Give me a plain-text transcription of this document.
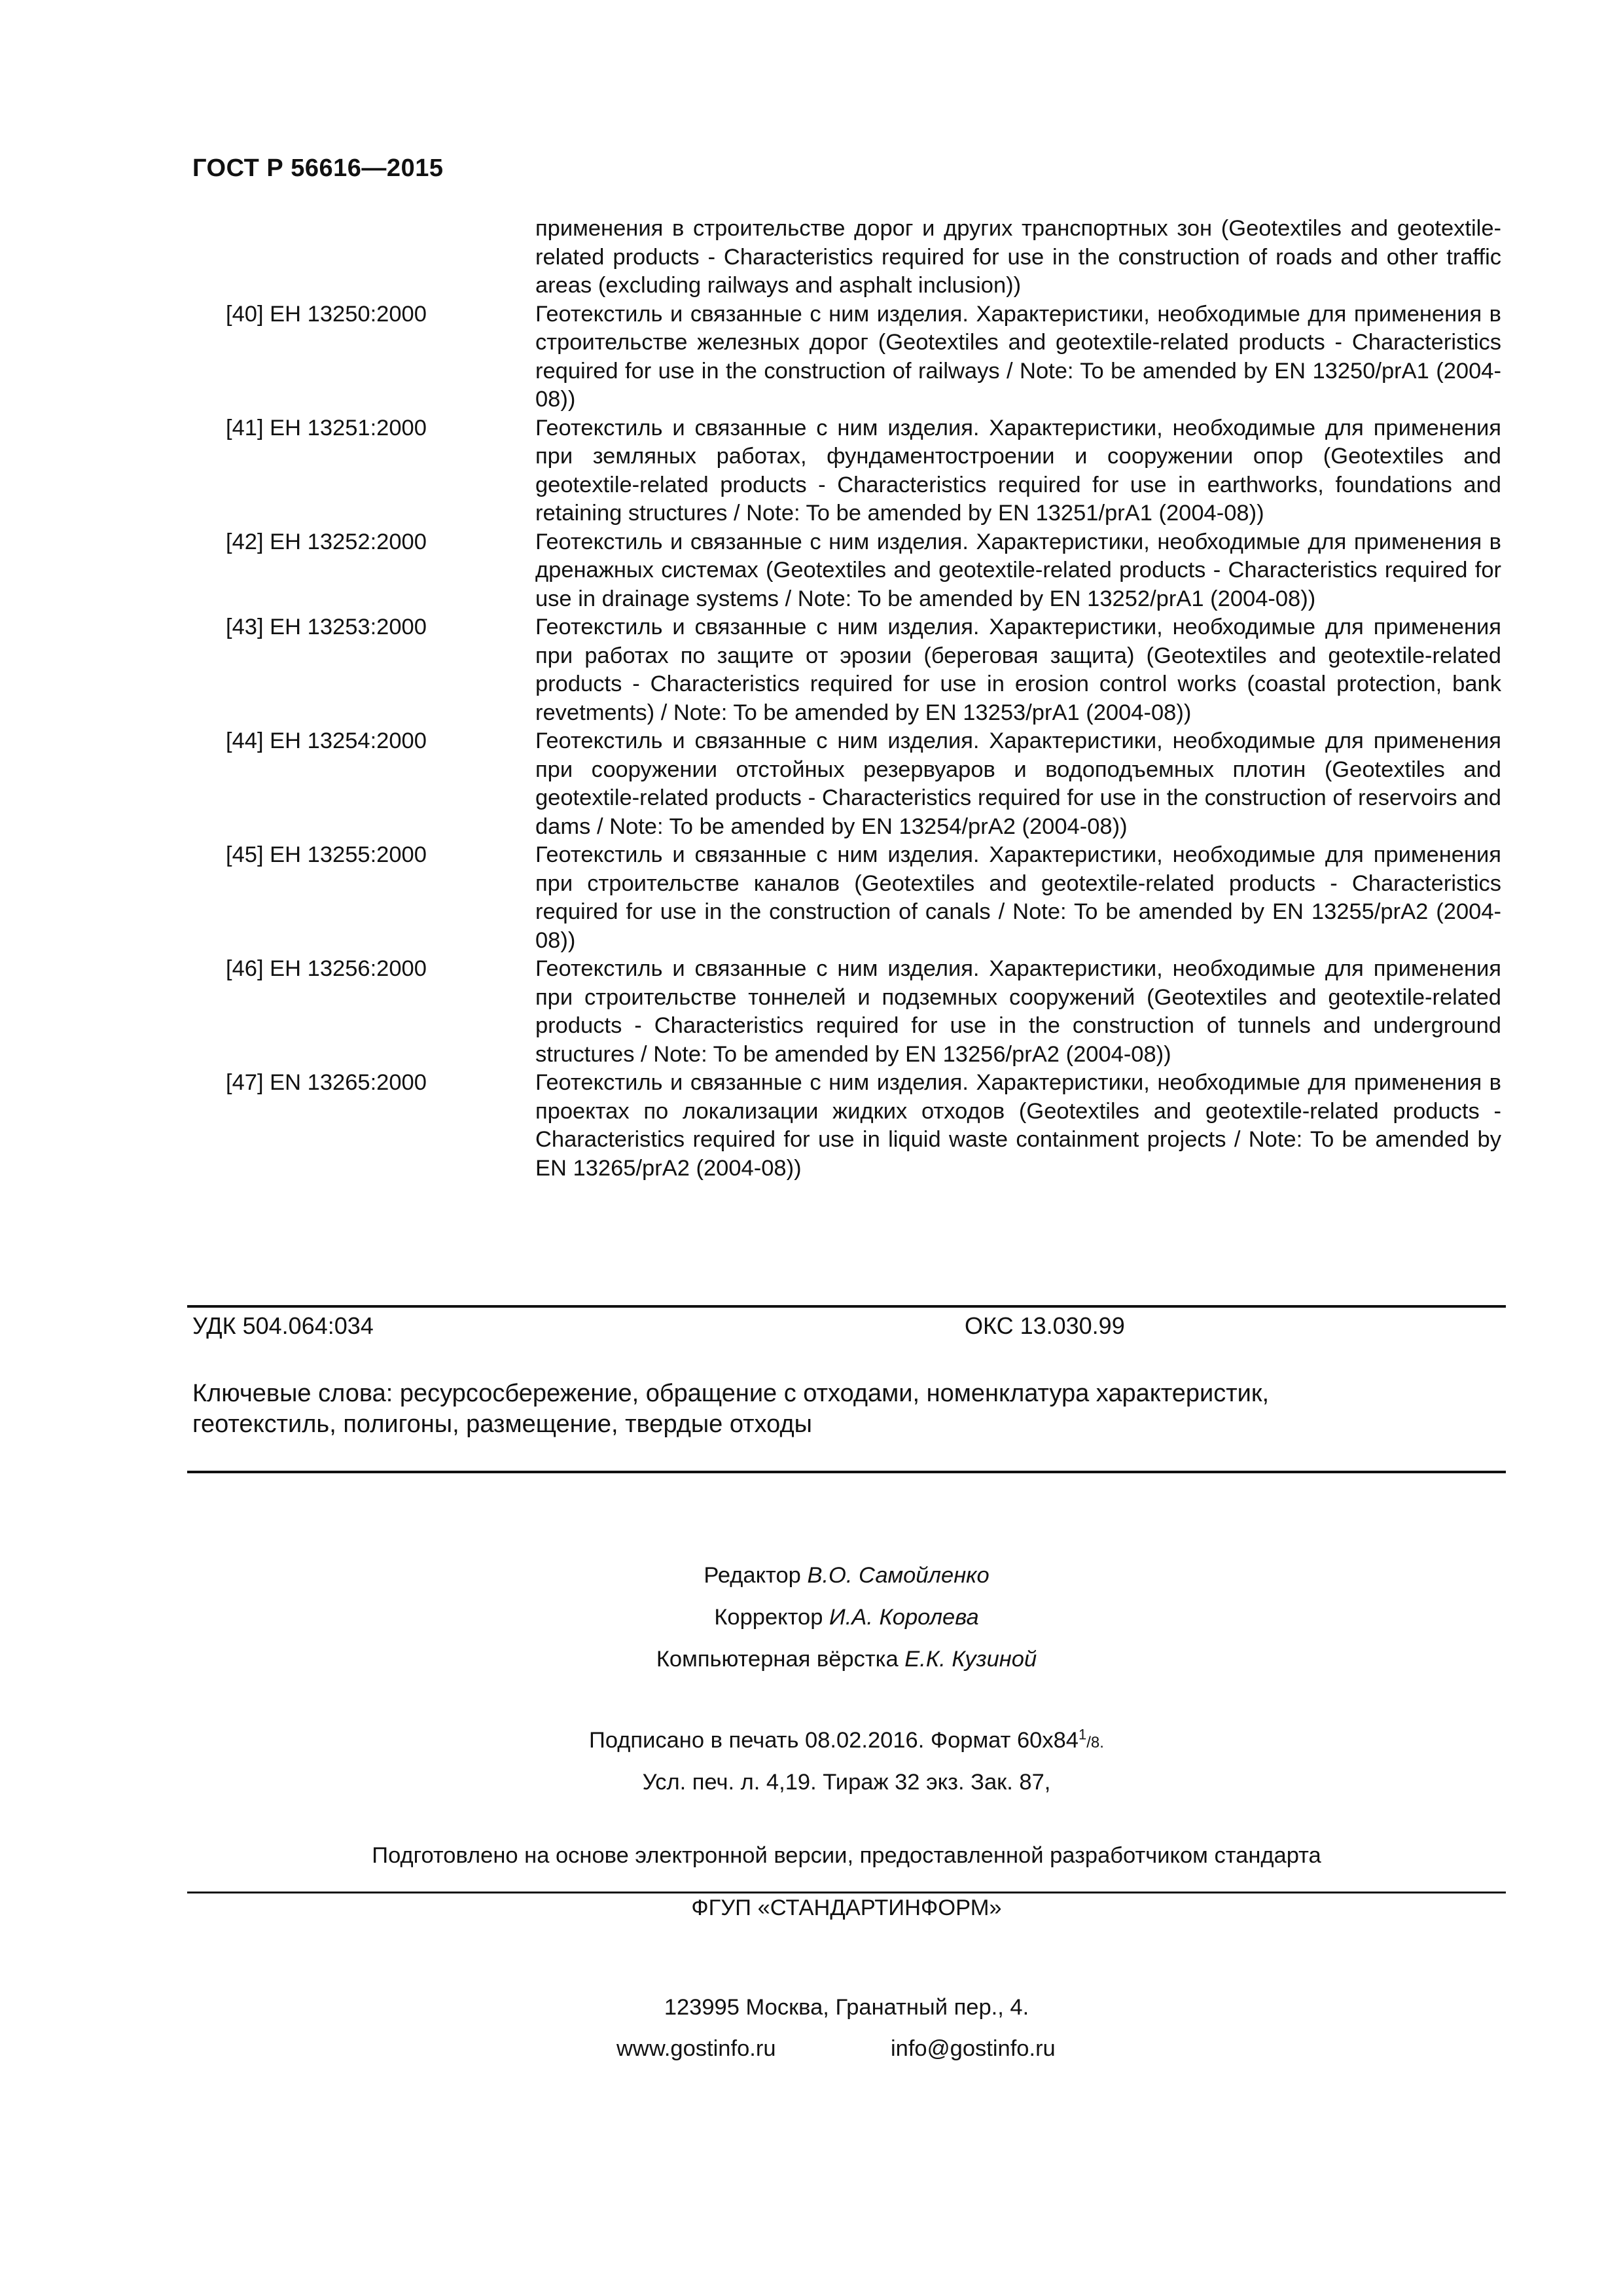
ГОСТ Р 56616—2015
применения в строительстве дорог и других транспортных зон (Geotextiles and geotextile-related products - Characteristics required for use in the construction of roads and other traffic areas (excluding railways and asphalt inclusion))
[40] ЕН 13250:2000	Геотекстиль и связанные с ним изделия. Характеристики, необходимые для применения в строительстве железных дорог (Geotextiles and geotextile-related products - Characteristics required for use in the construction of railways / Note: To be amended by EN 13250/prA1 (2004-08))
[41] ЕН 13251:2000	Геотекстиль и связанные с ним изделия. Характеристики, необходимые для применения при земляных работах, фундаментостроении и сооружении опор (Geotextiles and geotextile-related products - Characteristics required for use in earthworks, foundations and retaining structures / Note: To be amended by EN 13251/prA1 (2004-08))
[42] ЕН 13252:2000	Геотекстиль и связанные с ним изделия. Характеристики, необходимые для применения в дренажных системах (Geotextiles and geotextile-related products - Characteristics required for use in drainage systems / Note: To be amended by EN 13252/prA1 (2004-08))
[43] ЕН 13253:2000	Геотекстиль и связанные с ним изделия. Характеристики, необходимые для применения при работах по защите от эрозии (береговая защита) (Geotextiles and geotextile-related products - Characteristics required for use in erosion control works (coastal protection, bank revetments) / Note: To be amended by EN 13253/prA1 (2004-08))
[44] ЕН 13254:2000	Геотекстиль и связанные с ним изделия. Характеристики, необходимые для применения при сооружении отстойных резервуаров и водоподъемных плотин (Geotextiles and geotextile-related products - Characteristics required for use in the construction of reservoirs and dams / Note: To be amended by EN 13254/prA2 (2004-08))
[45] ЕН 13255:2000	Геотекстиль и связанные с ним изделия. Характеристики, необходимые для применения при строительстве каналов (Geotextiles and geotextile-related products - Characteristics required for use in the construction of canals / Note: To be amended by EN 13255/prA2 (2004-08))
[46] ЕН 13256:2000	Геотекстиль и связанные с ним изделия. Характеристики, необходимые для применения при строительстве тоннелей и подземных сооружений (Geotextiles and geotextile-related products - Characteristics required for use in the construction of tunnels and underground structures / Note: To be amended by EN 13256/prA2 (2004-08))
[47] EN 13265:2000	Геотекстиль и связанные с ним изделия. Характеристики, необходимые для применения в проектах по локализации жидких отходов (Geotextiles and geotextile-related products - Characteristics required for use in liquid waste containment projects / Note: To be amended by EN 13265/prA2 (2004-08))
УДК 504.064:034	ОКС 13.030.99
Ключевые слова: ресурсосбережение, обращение с отходами, номенклатура характеристик,
геотекстиль, полигоны, размещение, твердые отходы
Редактор В.О. Самойленко
Корректор И.А. Королева
Компьютерная вёрстка Е.К. Кузиной
Подписано в печать 08.02.2016. Формат $60х84^1/8$.
Усл. печ. л. 4,19. Тираж 32 экз. Зак. 87,
Подготовлено на основе электронной версии, предоставленной разработчиком стандарта
ФГУП «СТАНДАРТИНФОРМ»
123995 Москва, Гранатный пер., 4.
www.gostinfo.ru	info@gostinfo.ru
